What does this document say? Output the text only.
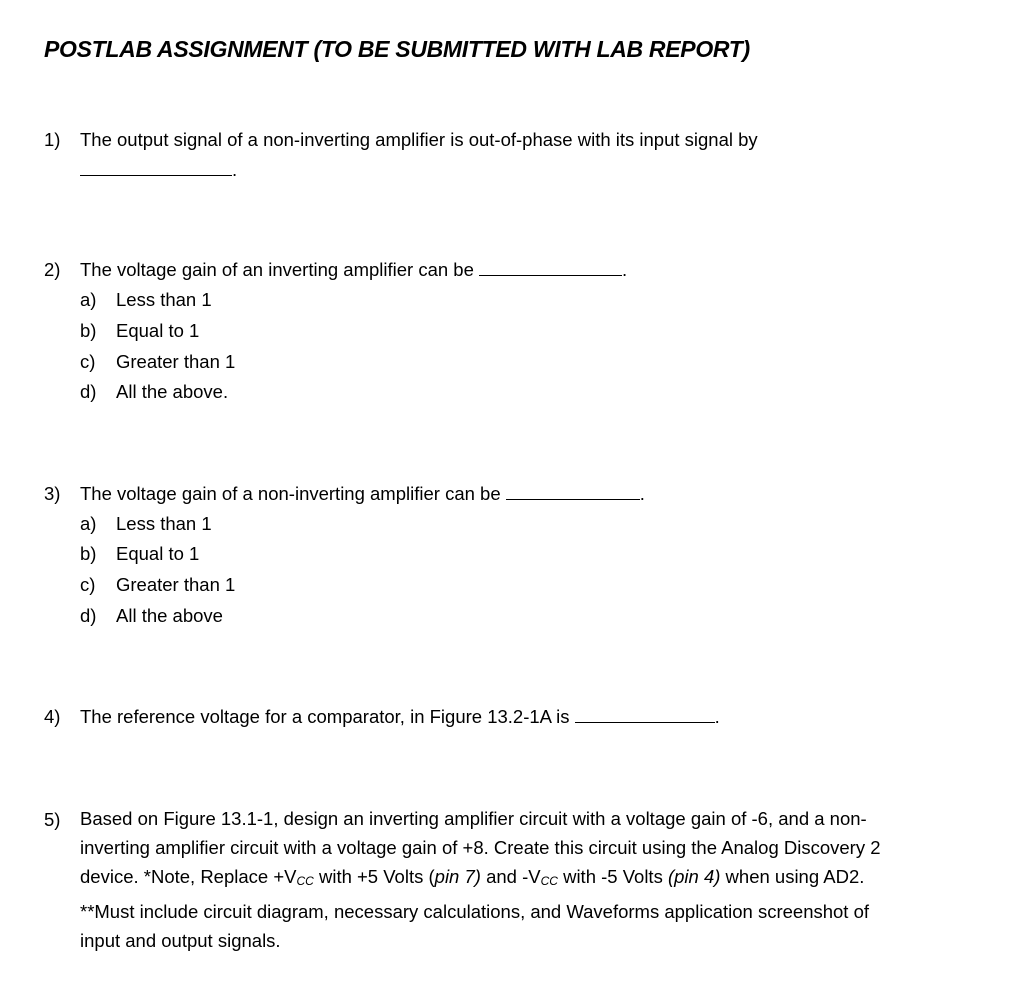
POSTLAB ASSIGNMENT (TO BE SUBMITTED WITH LAB REPORT)
1) The output signal of a non-inverting amplifier is out-of-phase with its input signal by
.
2) The voltage gain of an inverting amplifier can be	.
a) Less than 1
b) Equal to 1
c) Greater than 1
d) All the above.
3) The voltage gain of a non-inverting amplifier can be	.
a) Less than 1
b) Equal to 1
c) Greater than 1
d) All the above
4) The reference voltage for a comparator, in Figure 13.2-1A is	.
5) Based on Figure 13.1-1, design an inverting amplifier circuit with a voltage gain of -6, and a non-

inverting amplifier circuit with a voltage gain of +8. Create this circuit using the Analog Discovery 2

device. *Note, Replace $+V_{CC}$ with +5 Volts (pin 7) and $-V_{CC}$ with -5 Volts (pin 4) when using AD2.

**Must include circuit diagram, necessary calculations, and Waveforms application screenshot of

input and output signals.
